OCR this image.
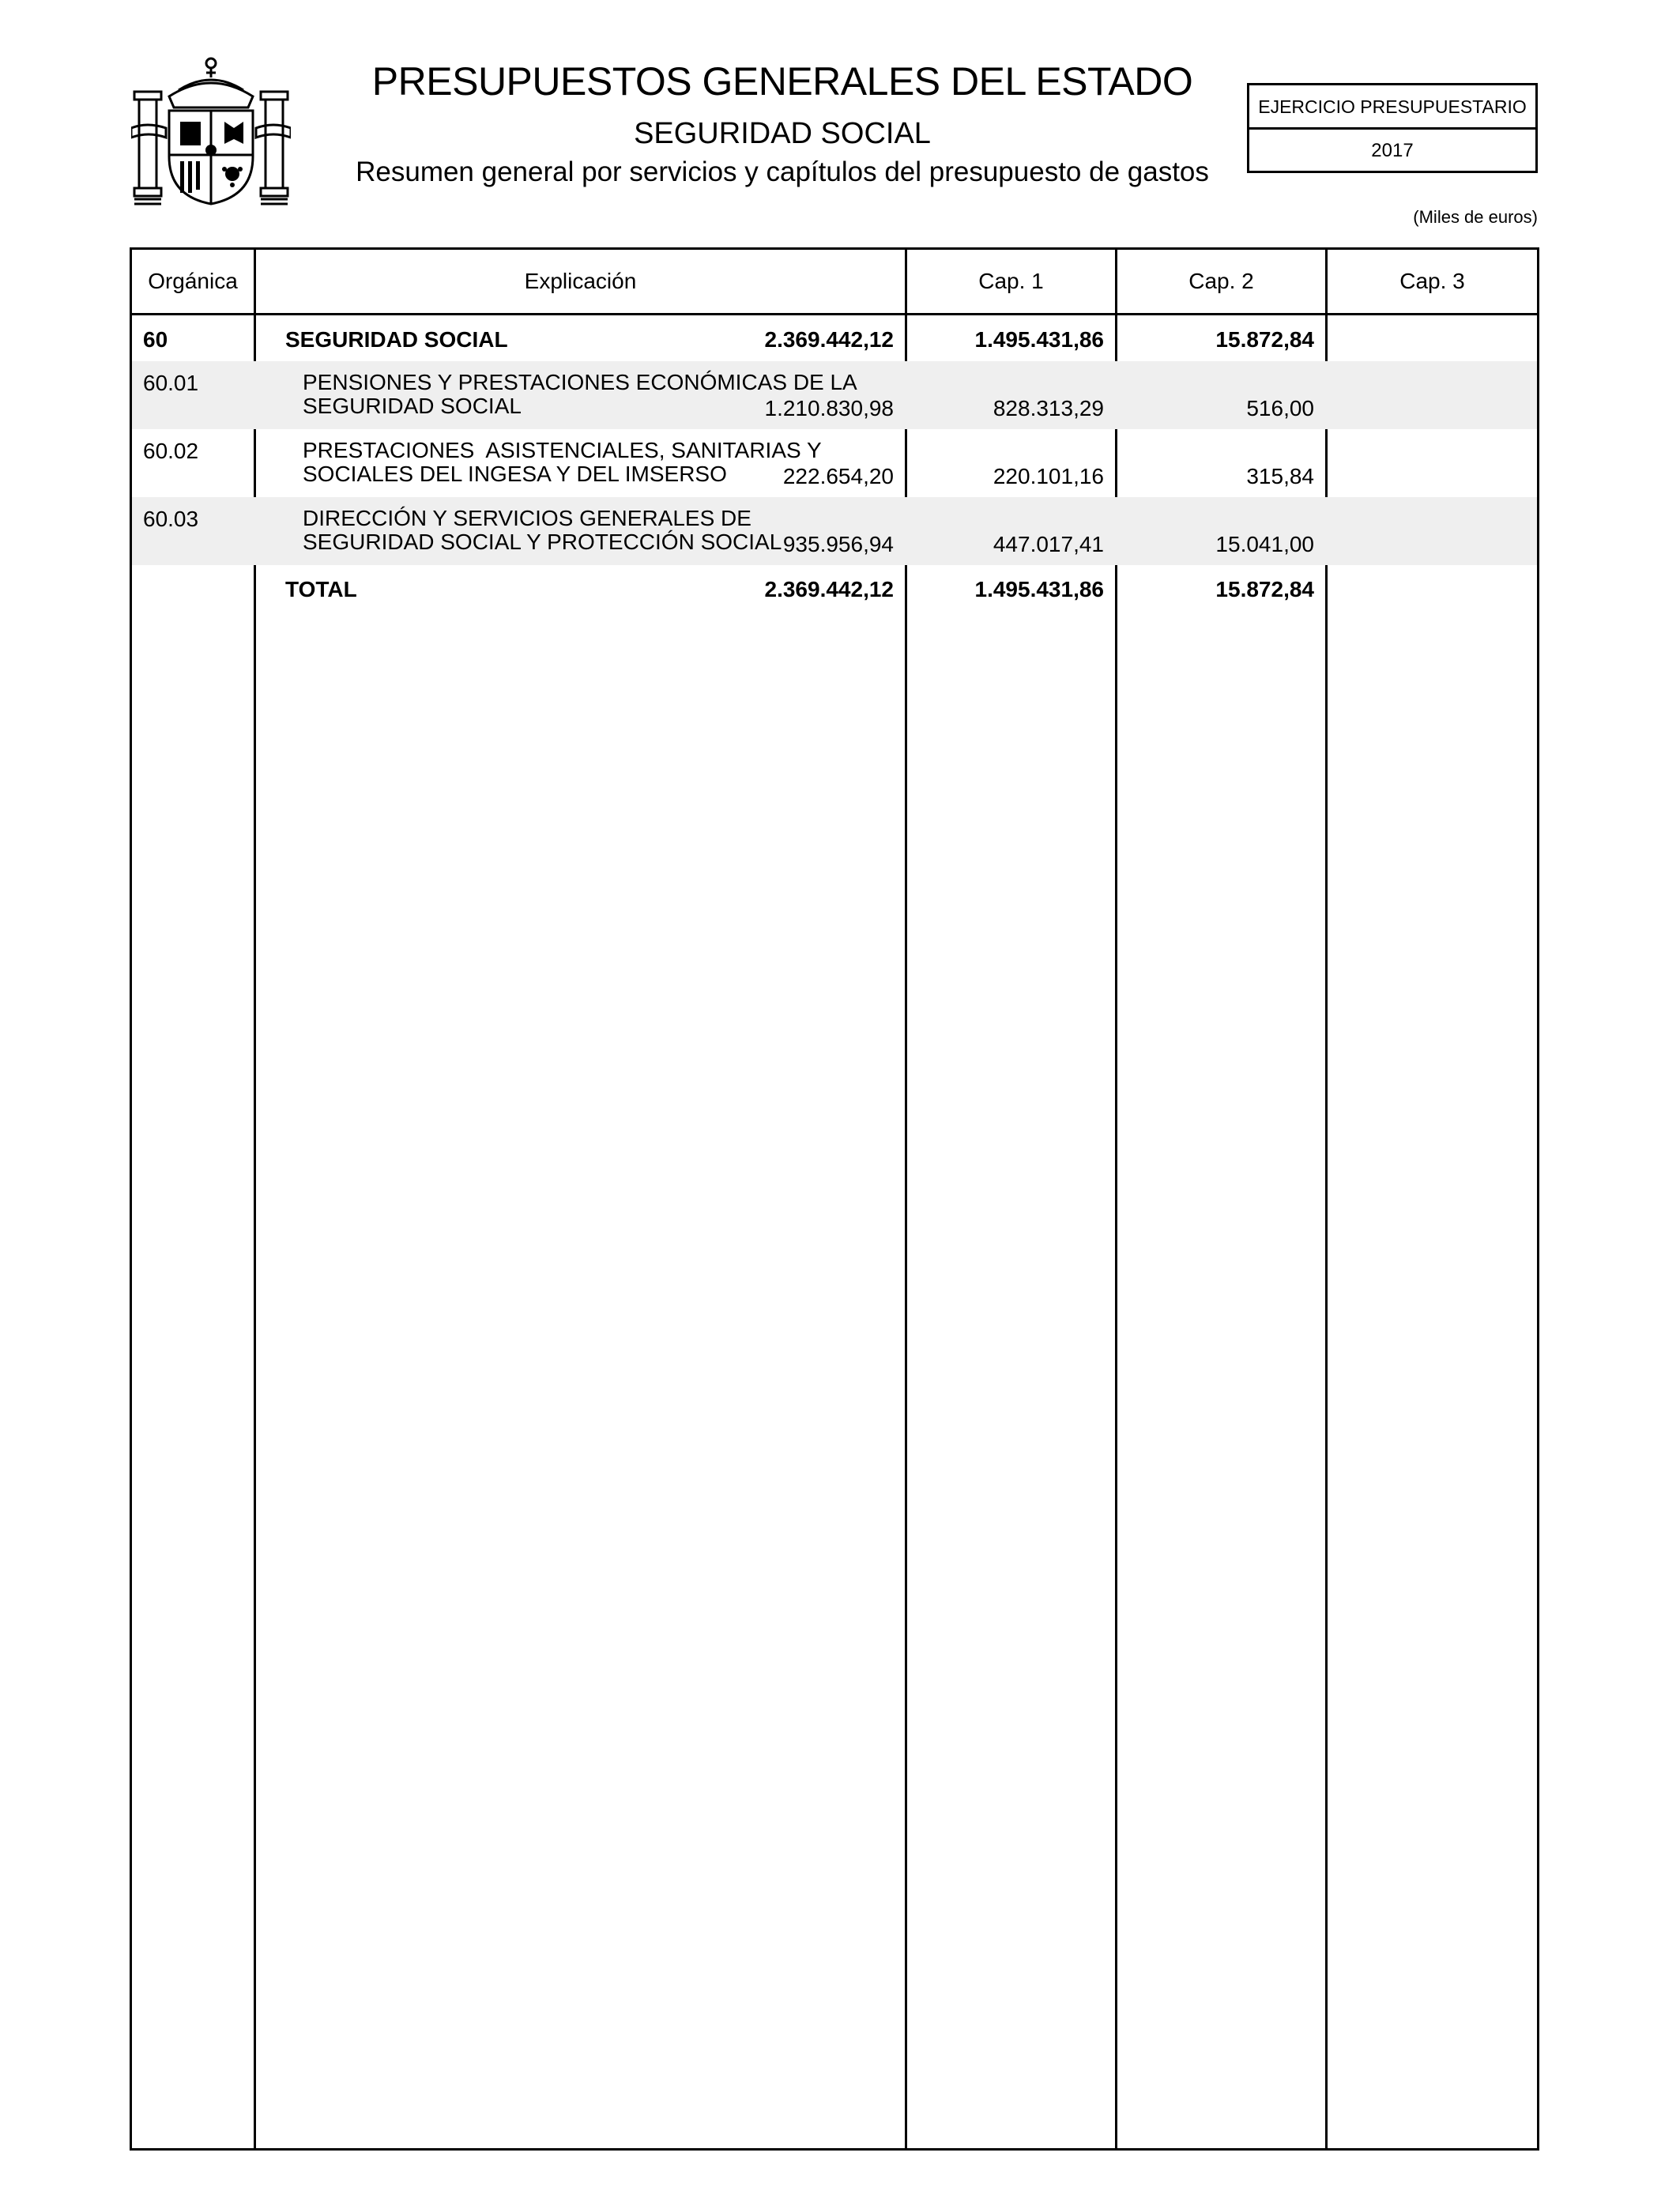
PRESUPUESTOS GENERALES DEL ESTADO
SEGURIDAD SOCIAL
Resumen general por servicios y capítulos del presupuesto de gastos
EJERCICIO PRESUPUESTARIO
2017
(Miles de euros)
Orgánica	Explicación	Cap. 1	Cap. 2	Cap. 3
60	SEGURIDAD SOCIAL	2.369.442,12	1.495.431,86	15.872,84
60.01	PENSIONES Y PRESTACIONES ECONÓMICAS DE LA
SEGURIDAD SOCIAL	1.210.830,98	828.313,29	516,00
60.02	PRESTACIONES  ASISTENCIALES, SANITARIAS Y
SOCIALES DEL INGESA Y DEL IMSERSO	222.654,20	220.101,16	315,84
60.03	DIRECCIÓN Y SERVICIOS GENERALES DE
SEGURIDAD SOCIAL Y PROTECCIÓN SOCIAL 935.956,94	447.017,41	15.041,00
TOTAL	2.369.442,12	1.495.431,86	15.872,84
